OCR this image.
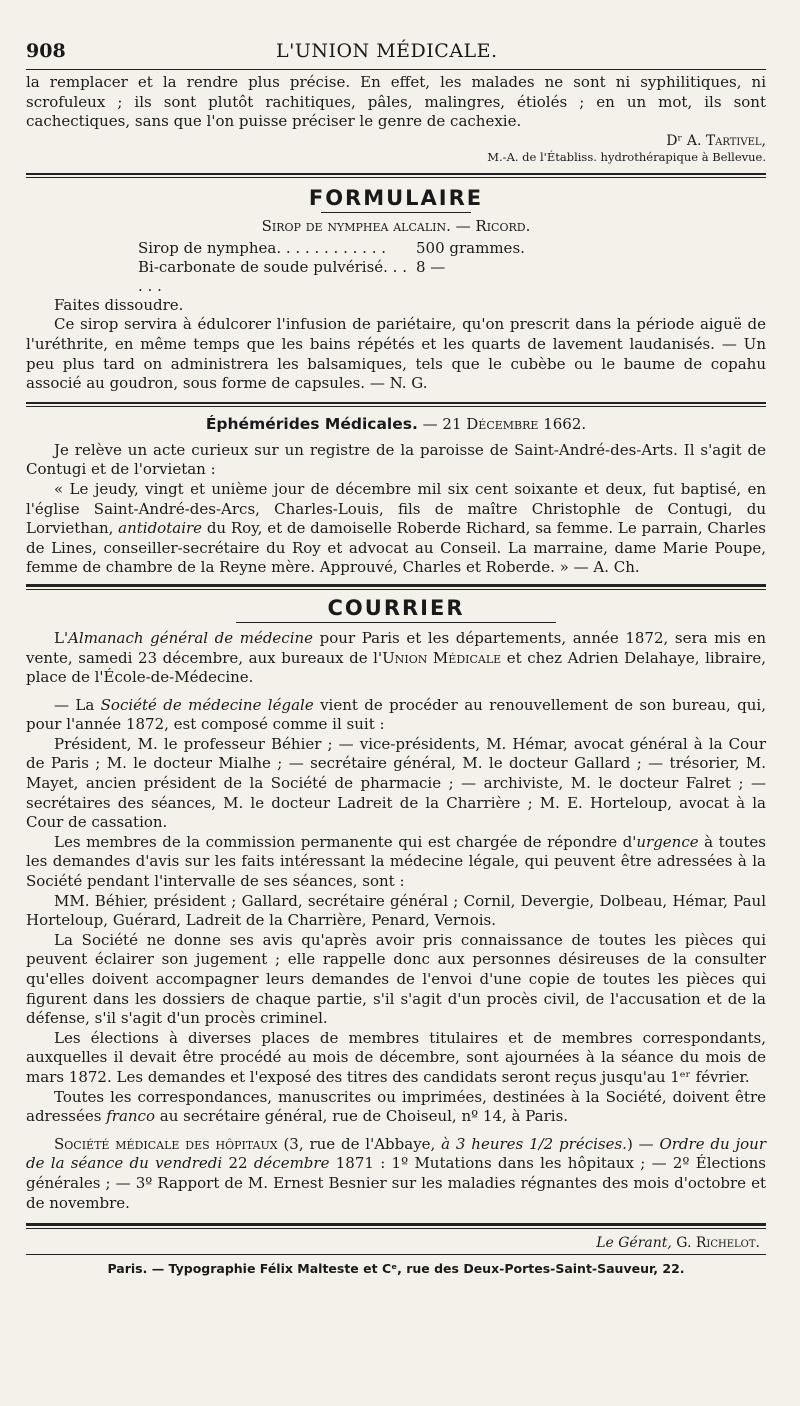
908	L'UNION MÉDICALE.

la remplacer et la rendre plus précise. En effet, les malades ne sont ni syphilitiques, ni scrofuleux ; ils sont plutôt rachitiques, pâles, malingres, étiolés ; en un mot, ils sont cachectiques, sans que l'on puisse préciser le genre de cachexie.

Dʳ A. Tartivel,
M.-A. de l'Établiss. hydrothérapique à Bellevue.
FORMULAIRE
Sirop de nymphea alcalin. — Ricord.
Sirop de nymphea. . . . . . . . . . . .	500 grammes.
Bi-carbonate de soude pulvérisé. . . . . .
8 —

Faites dissoudre.

Ce sirop servira à édulcorer l'infusion de pariétaire, qu'on prescrit dans la période aiguë de l'uréthrite, en même temps que les bains répétés et les quarts de lavement laudanisés. — Un peu plus tard on administrera les balsamiques, tels que le cubèbe ou le baume de copahu associé au goudron, sous forme de capsules. — N. G.

Éphémérides Médicales. — 21 Décembre 1662.

Je relève un acte curieux sur un registre de la paroisse de Saint-André-des-Arts. Il s'agit de Contugi et de l'orvietan :

« Le jeudy, vingt et unième jour de décembre mil six cent soixante et deux, fut baptisé, en l'église Saint-André-des-Arcs, Charles-Louis, fils de maître Christophle de Contugi, du Lorviethan, antidotaire du Roy, et de damoiselle Roberde Richard, sa femme. Le parrain, Charles de Lines, conseiller-secrétaire du Roy et advocat au Conseil. La marraine, dame Marie Poupe, femme de chambre de la Reyne mère. Approuvé, Charles et Roberde. » — A. Ch.

COURRIER

L'Almanach général de médecine pour Paris et les départements, année 1872, sera mis en vente, samedi 23 décembre, aux bureaux de l'Union Médicale et chez Adrien Delahaye, libraire, place de l'École-de-Médecine.

— La Société de médecine légale vient de procéder au renouvellement de son bureau, qui, pour l'année 1872, est composé comme il suit :

Président, M. le professeur Béhier ; — vice-présidents, M. Hémar, avocat général à la Cour de Paris ; M. le docteur Mialhe ; — secrétaire général, M. le docteur Gallard ; — trésorier, M. Mayet, ancien président de la Société de pharmacie ; — archiviste, M. le docteur Falret ; — secrétaires des séances, M. le docteur Ladreit de la Charrière ; M. E. Horteloup, avocat à la Cour de cassation.

Les membres de la commission permanente qui est chargée de répondre d'urgence à toutes les demandes d'avis sur les faits intéressant la médecine légale, qui peuvent être adressées à la Société pendant l'intervalle de ses séances, sont :

MM. Béhier, président ; Gallard, secrétaire général ; Cornil, Devergie, Dolbeau, Hémar, Paul Horteloup, Guérard, Ladreit de la Charrière, Penard, Vernois.

La Société ne donne ses avis qu'après avoir pris connaissance de toutes les pièces qui peuvent éclairer son jugement ; elle rappelle donc aux personnes désireuses de la consulter qu'elles doivent accompagner leurs demandes de l'envoi d'une copie de toutes les pièces qui figurent dans les dossiers de chaque partie, s'il s'agit d'un procès civil, de l'accusation et de la défense, s'il s'agit d'un procès criminel.

Les élections à diverses places de membres titulaires et de membres correspondants, auxquelles il devait être procédé au mois de décembre, sont ajournées à la séance du mois de mars 1872. Les demandes et l'exposé des titres des candidats seront reçus jusqu'au 1ᵉʳ février.

Toutes les correspondances, manuscrites ou imprimées, destinées à la Société, doivent être adressées franco au secrétaire général, rue de Choiseul, nº 14, à Paris.

Société médicale des hôpitaux (3, rue de l'Abbaye, à 3 heures 1/2 précises.) — Ordre du jour de la séance du vendredi 22 décembre 1871 : 1º Mutations dans les hôpitaux ; — 2º Élections générales ; — 3º Rapport de M. Ernest Besnier sur les maladies régnantes des mois d'octobre et de novembre.

Le Gérant, G. Richelot.
Paris. — Typographie Félix Malteste et Cᵉ, rue des Deux-Portes-Saint-Sauveur, 22.
